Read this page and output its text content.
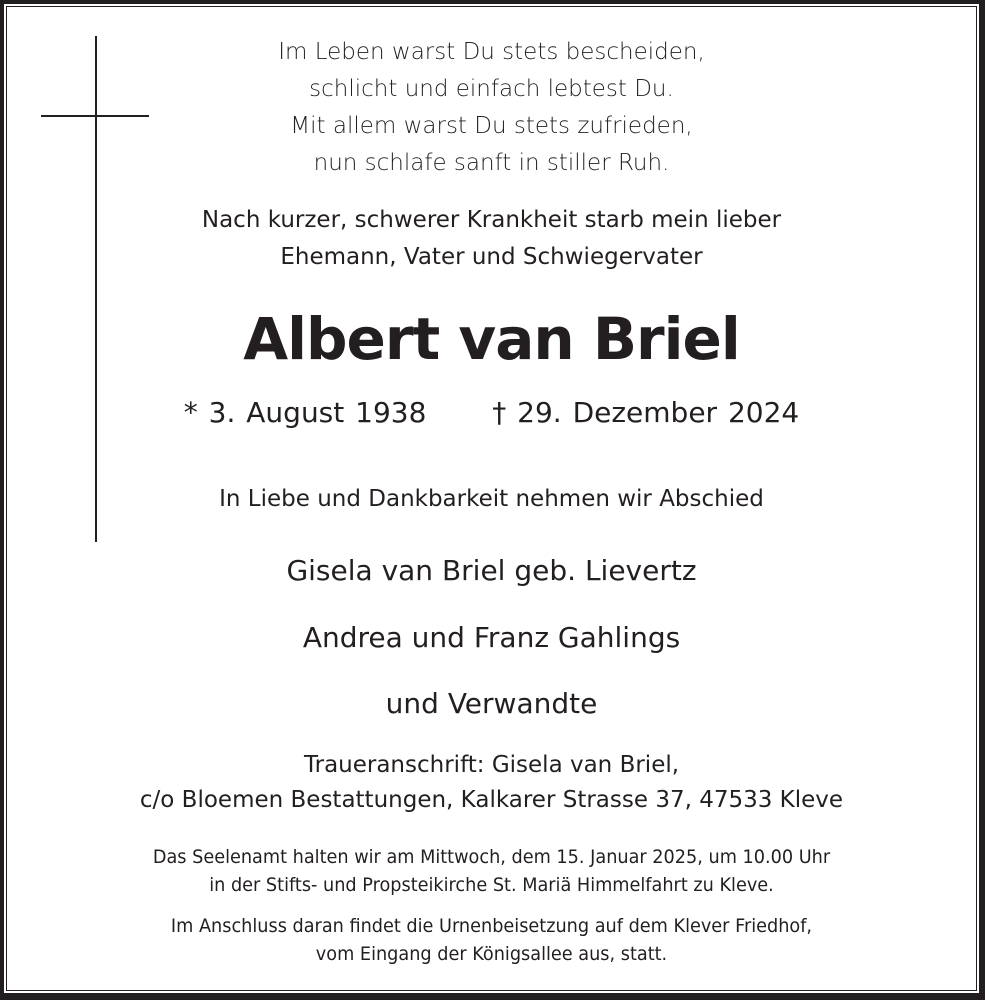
Im Leben warst Du stets bescheiden,
schlicht und einfach lebtest Du.
Mit allem warst Du stets zufrieden,
nun schlafe sanft in stiller Ruh.
Nach kurzer, schwerer Krankheit starb mein lieber
Ehemann, Vater und Schwiegervater
Albert van Briel
* 3. August 1938 † 29. Dezember 2024
In Liebe und Dankbarkeit nehmen wir Abschied
Gisela van Briel geb. Lievertz
Andrea und Franz Gahlings
und Verwandte
Traueranschrift: Gisela van Briel,
c/o Bloemen Bestattungen, Kalkarer Strasse 37, 47533 Kleve
Das Seelenamt halten wir am Mittwoch, dem 15. Januar 2025, um 10.00 Uhr
in der Stifts- und Propsteikirche St. Mariä Himmelfahrt zu Kleve.
Im Anschluss daran findet die Urnenbeisetzung auf dem Klever Friedhof,
vom Eingang der Königsallee aus, statt.
